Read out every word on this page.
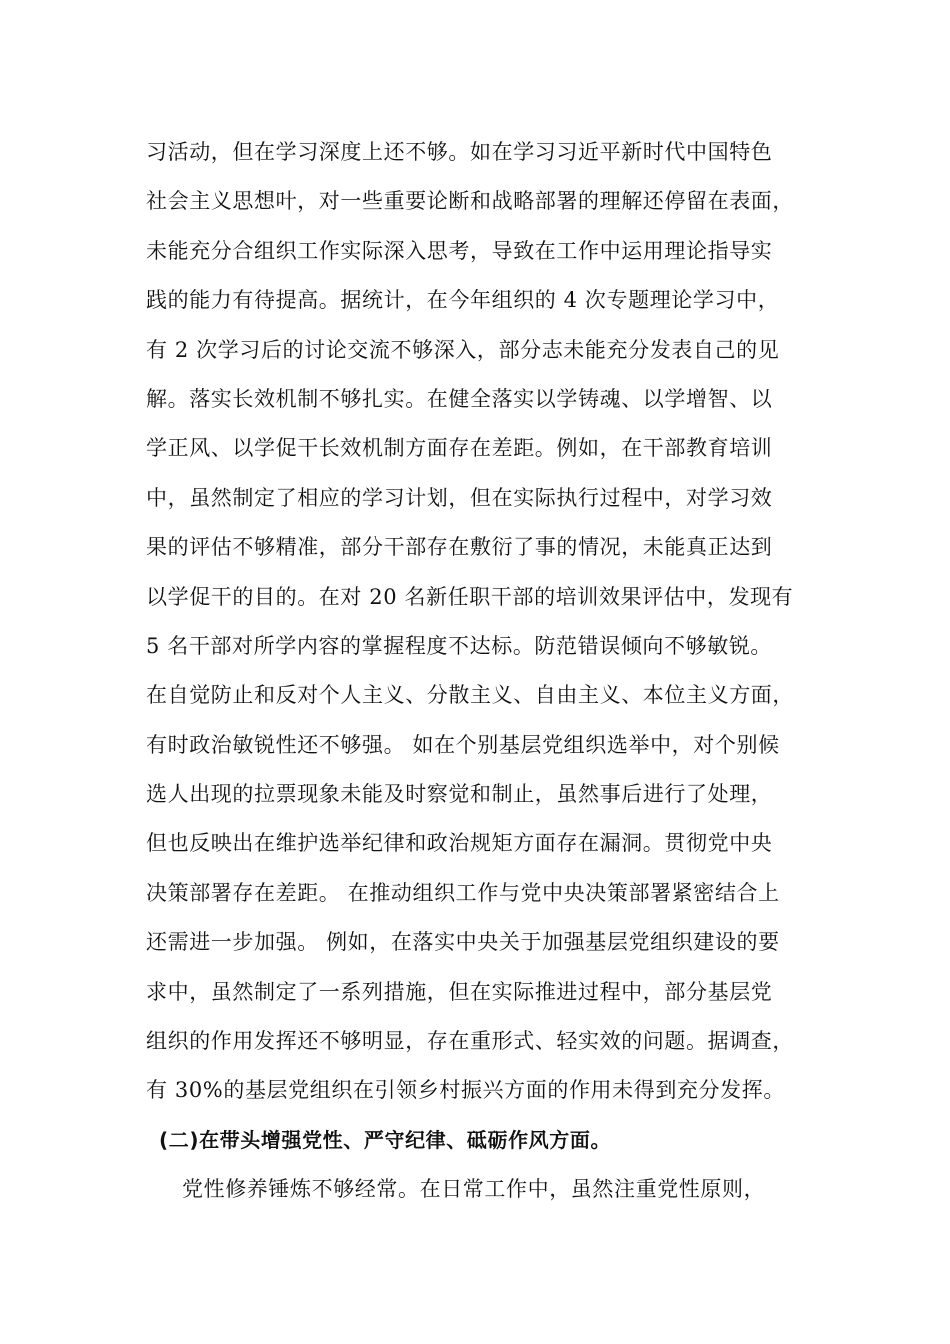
习活动，但在学习深度上还不够。如在学习习近平新时代中国特色
社会主义思想叶，对一些重要论断和战略部署的理解还停留在表面，
未能充分合组织工作实际深入思考，导致在工作中运用理论指导实
践的能力有待提高。据统计，在今年组织的 4 次专题理论学习中，
有 2 次学习后的讨论交流不够深入，部分志未能充分发表自己的见
解。落实长效机制不够扎实。在健全落实以学铸魂、以学增智、以
学正风、以学促干长效机制方面存在差距。例如，在干部教育培训
中，虽然制定了相应的学习计划，但在实际执行过程中，对学习效
果的评估不够精准，部分干部存在敷衍了事的情况，未能真正达到
以学促干的目的。在对 20 名新任职干部的培训效果评估中，发现有
5 名干部对所学内容的掌握程度不达标。防范错误倾向不够敏锐。
在自觉防止和反对个人主义、分散主义、自由主义、本位主义方面，
有时政治敏锐性还不够强。 如在个别基层党组织选举中，对个别候
选人出现的拉票现象未能及时察觉和制止，虽然事后进行了处理，
但也反映出在维护选举纪律和政治规矩方面存在漏洞。贯彻党中央
决策部署存在差距。 在推动组织工作与党中央决策部署紧密结合上
还需进一步加强。 例如，在落实中央关于加强基层党组织建设的要
求中，虽然制定了一系列措施，但在实际推进过程中，部分基层党
组织的作用发挥还不够明显，存在重形式、轻实效的问题。据调查，
有 30%的基层党组织在引领乡村振兴方面的作用未得到充分发挥。
(二)在带头增强党性、严守纪律、砥砺作风方面。
党性修养锤炼不够经常。在日常工作中，虽然注重党性原则，
